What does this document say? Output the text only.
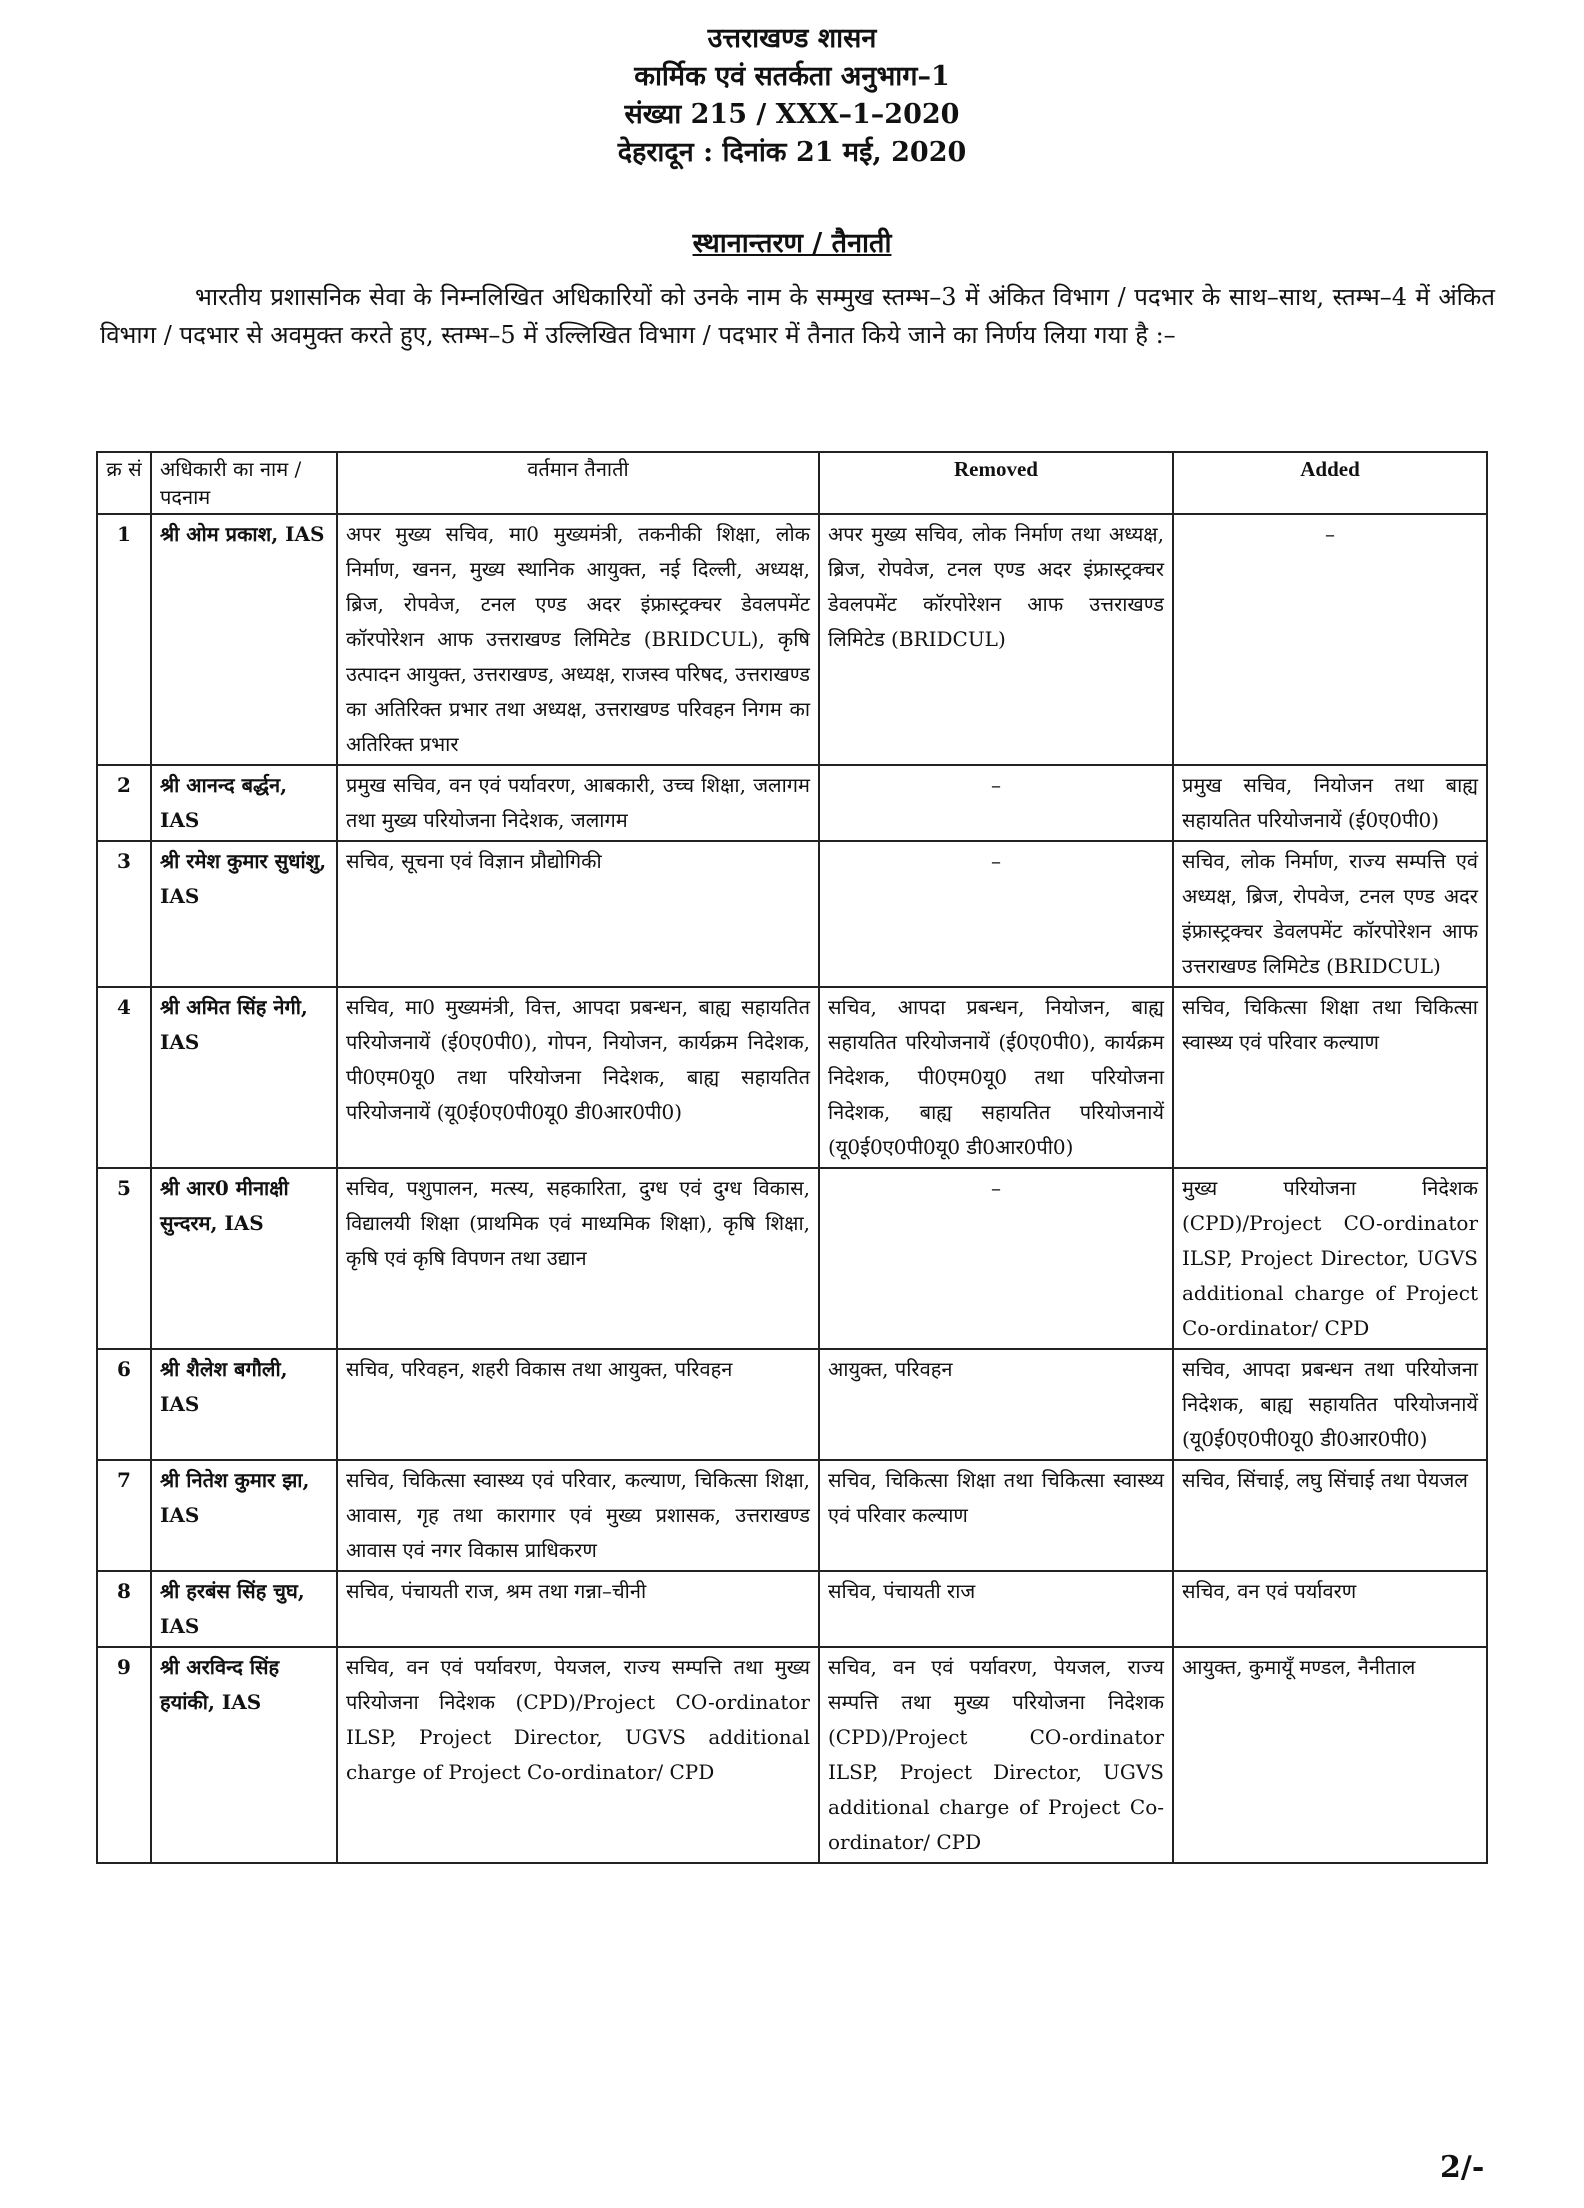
उत्तराखण्ड शासन
कार्मिक एवं सतर्कता अनुभाग–1
संख्या 215 / XXX–1–2020
देहरादून : दिनांक 21 मई, 2020
स्थानान्तरण / तैनाती
भारतीय प्रशासनिक सेवा के निम्नलिखित अधिकारियों को उनके नाम के सम्मुख स्तम्भ–3 में अंकित विभाग / पदभार के साथ–साथ, स्तम्भ–4 में अंकित विभाग / पदभार से अवमुक्त करते हुए, स्तम्भ–5 में उल्लिखित विभाग / पदभार में तैनात किये जाने का निर्णय लिया गया है :–
क्र सं	अधिकारी का नाम / पदनाम	वर्तमान तैनाती	Removed	Added
1	श्री ओम प्रकाश, IAS	अपर मुख्य सचिव, मा0 मुख्यमंत्री, तकनीकी शिक्षा, लोक निर्माण, खनन, मुख्य स्थानिक आयुक्त, नई दिल्ली, अध्यक्ष, ब्रिज, रोपवेज, टनल एण्ड अदर इंफ्रास्ट्रक्चर डेवलपमेंट कॉरपोरेशन आफ उत्तराखण्ड लिमिटेड (BRIDCUL), कृषि उत्पादन आयुक्त, उत्तराखण्ड, अध्यक्ष, राजस्व परिषद, उत्तराखण्ड का अतिरिक्त प्रभार तथा अध्यक्ष, उत्तराखण्ड परिवहन निगम का अतिरिक्त प्रभार	अपर मुख्य सचिव, लोक निर्माण तथा अध्यक्ष, ब्रिज, रोपवेज, टनल एण्ड अदर इंफ्रास्ट्रक्चर डेवलपमेंट कॉरपोरेशन आफ उत्तराखण्ड लिमिटेड (BRIDCUL)	–
2	श्री आनन्द बर्द्धन, IAS	प्रमुख सचिव, वन एवं पर्यावरण, आबकारी, उच्च शिक्षा, जलागम तथा मुख्य परियोजना निदेशक, जलागम	–	प्रमुख सचिव, नियोजन तथा बाह्य सहायतित परियोजनायें (ई0ए0पी0)
3	श्री रमेश कुमार सुधांशु, IAS	सचिव, सूचना एवं विज्ञान प्रौद्योगिकी	–	सचिव, लोक निर्माण, राज्य सम्पत्ति एवं अध्यक्ष, ब्रिज, रोपवेज, टनल एण्ड अदर इंफ्रास्ट्रक्चर डेवलपमेंट कॉरपोरेशन आफ उत्तराखण्ड लिमिटेड (BRIDCUL)
4	श्री अमित सिंह नेगी, IAS	सचिव, मा0 मुख्यमंत्री, वित्त, आपदा प्रबन्धन, बाह्य सहायतित परियोजनायें (ई0ए0पी0), गोपन, नियोजन, कार्यक्रम निदेशक, पी0एम0यू0 तथा परियोजना निदेशक, बाह्य सहायतित परियोजनायें (यू0ई0ए0पी0यू0 डी0आर0पी0)	सचिव, आपदा प्रबन्धन, नियोजन, बाह्य सहायतित परियोजनायें (ई0ए0पी0), कार्यक्रम निदेशक, पी0एम0यू0 तथा परियोजना निदेशक, बाह्य सहायतित परियोजनायें (यू0ई0ए0पी0यू0 डी0आर0पी0)	सचिव, चिकित्सा शिक्षा तथा चिकित्सा स्वास्थ्य एवं परिवार कल्याण
5	श्री आर0 मीनाक्षी सुन्दरम, IAS	सचिव, पशुपालन, मत्स्य, सहकारिता, दुग्ध एवं दुग्ध विकास, विद्यालयी शिक्षा (प्राथमिक एवं माध्यमिक शिक्षा), कृषि शिक्षा, कृषि एवं कृषि विपणन तथा उद्यान	–	मुख्य परियोजना निदेशक (CPD)/Project CO-ordinator ILSP, Project Director, UGVS additional charge of Project Co-ordinator/ CPD
6	श्री शैलेश बगौली, IAS	सचिव, परिवहन, शहरी विकास तथा आयुक्त, परिवहन	आयुक्त, परिवहन	सचिव, आपदा प्रबन्धन तथा परियोजना निदेशक, बाह्य सहायतित परियोजनायें (यू0ई0ए0पी0यू0 डी0आर0पी0)
7	श्री नितेश कुमार झा, IAS	सचिव, चिकित्सा स्वास्थ्य एवं परिवार, कल्याण, चिकित्सा शिक्षा, आवास, गृह तथा कारागार एवं मुख्य प्रशासक, उत्तराखण्ड आवास एवं नगर विकास प्राधिकरण	सचिव, चिकित्सा शिक्षा तथा चिकित्सा स्वास्थ्य एवं परिवार कल्याण	सचिव, सिंचाई, लघु सिंचाई तथा पेयजल
8	श्री हरबंस सिंह चुघ, IAS	सचिव, पंचायती राज, श्रम तथा गन्ना–चीनी	सचिव, पंचायती राज	सचिव, वन एवं पर्यावरण
9	श्री अरविन्द सिंह हयांकी, IAS	सचिव, वन एवं पर्यावरण, पेयजल, राज्य सम्पत्ति तथा मुख्य परियोजना निदेशक (CPD)/Project CO-ordinator ILSP, Project Director, UGVS additional charge of Project Co-ordinator/ CPD	सचिव, वन एवं पर्यावरण, पेयजल, राज्य सम्पत्ति तथा मुख्य परियोजना निदेशक (CPD)/Project CO-ordinator ILSP, Project Director, UGVS additional charge of Project Co-ordinator/ CPD	आयुक्त, कुमायूँ मण्डल, नैनीताल
2/-
